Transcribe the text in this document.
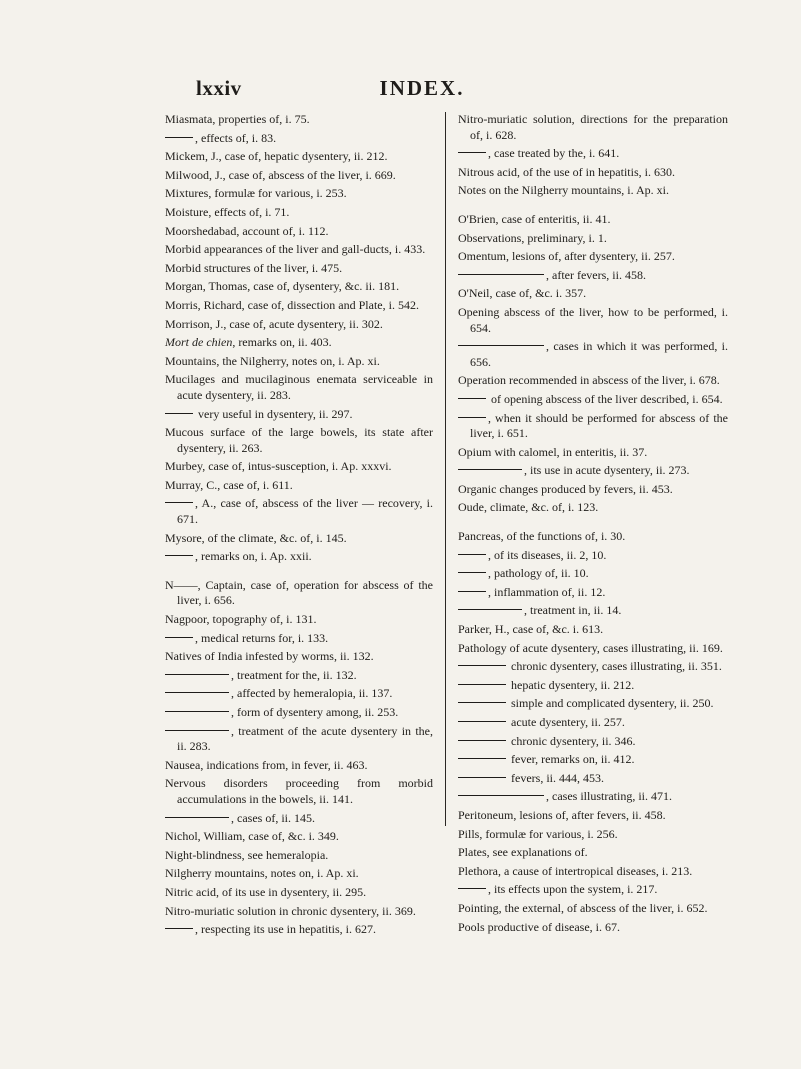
lxxiv	INDEX.
Miasmata, properties of, i. 75.
, effects of, i. 83.
Mickem, J., case of, hepatic dysentery, ii. 212.
Milwood, J., case of, abscess of the liver, i. 669.
Mixtures, formulæ for various, i. 253.
Moisture, effects of, i. 71.
Moorshedabad, account of, i. 112.
Morbid appearances of the liver and gall-ducts, i. 433.
Morbid structures of the liver, i. 475.
Morgan, Thomas, case of, dysentery, &c. ii. 181.
Morris, Richard, case of, dissection and Plate, i. 542.
Morrison, J., case of, acute dysentery, ii. 302.
Mort de chien, remarks on, ii. 403.
Mountains, the Nilgherry, notes on, i. Ap. xi.
Mucilages and mucilaginous enemata serviceable in acute dysentery, ii. 283.
very useful in dysentery, ii. 297.
Mucous surface of the large bowels, its state after dysentery, ii. 263.
Murbey, case of, intus-susception, i. Ap. xxxvi.
Murray, C., case of, i. 611.
, A., case of, abscess of the liver — recovery, i. 671.
Mysore, of the climate, &c. of, i. 145.
, remarks on, i. Ap. xxii.
N——, Captain, case of, operation for abscess of the liver, i. 656.
Nagpoor, topography of, i. 131.
, medical returns for, i. 133.
Natives of India infested by worms, ii. 132.
, treatment for the, ii. 132.
, affected by hemeralopia, ii. 137.
, form of dysentery among, ii. 253.
, treatment of the acute dysentery in the, ii. 283.
Nausea, indications from, in fever, ii. 463.
Nervous disorders proceeding from morbid accumulations in the bowels, ii. 141.
, cases of, ii. 145.
Nichol, William, case of, &c. i. 349.
Night-blindness, see hemeralopia.
Nilgherry mountains, notes on, i. Ap. xi.
Nitric acid, of its use in dysentery, ii. 295.
Nitro-muriatic solution in chronic dysentery, ii. 369.
, respecting its use in hepatitis, i. 627.
Nitro-muriatic solution, directions for the preparation of, i. 628.
, case treated by the, i. 641.
Nitrous acid, of the use of in hepatitis, i. 630.
Notes on the Nilgherry mountains, i. Ap. xi.
O'Brien, case of enteritis, ii. 41.
Observations, preliminary, i. 1.
Omentum, lesions of, after dysentery, ii. 257.
, after fevers, ii. 458.
O'Neil, case of, &c. i. 357.
Opening abscess of the liver, how to be performed, i. 654.
, cases in which it was performed, i. 656.
Operation recommended in abscess of the liver, i. 678.
of opening abscess of the liver described, i. 654.
, when it should be performed for abscess of the liver, i. 651.
Opium with calomel, in enteritis, ii. 37.
, its use in acute dysentery, ii. 273.
Organic changes produced by fevers, ii. 453.
Oude, climate, &c. of, i. 123.
Pancreas, of the functions of, i. 30.
, of its diseases, ii. 2, 10.
, pathology of, ii. 10.
, inflammation of, ii. 12.
, treatment in, ii. 14.
Parker, H., case of, &c. i. 613.
Pathology of acute dysentery, cases illustrating, ii. 169.
chronic dysentery, cases illustrating, ii. 351.
hepatic dysentery, ii. 212.
simple and complicated dysentery, ii. 250.
acute dysentery, ii. 257.
chronic dysentery, ii. 346.
fever, remarks on, ii. 412.
fevers, ii. 444, 453.
, cases illustrating, ii. 471.
Peritoneum, lesions of, after fevers, ii. 458.
Pills, formulæ for various, i. 256.
Plates, see explanations of.
Plethora, a cause of intertropical diseases, i. 213.
, its effects upon the system, i. 217.
Pointing, the external, of abscess of the liver, i. 652.
Pools productive of disease, i. 67.
